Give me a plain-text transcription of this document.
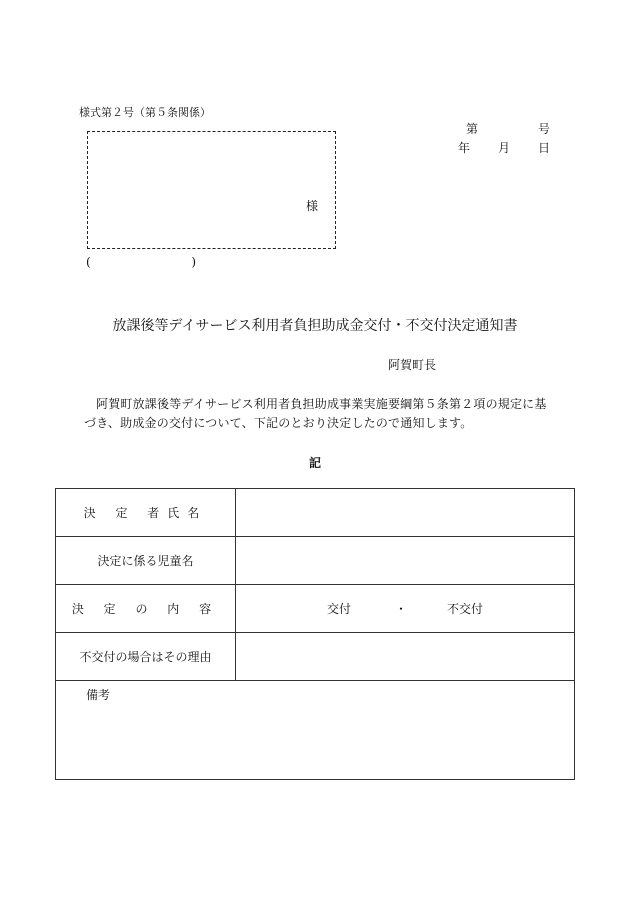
様式第２号（第５条関係）
第	号
年 月 日
様
(	)
放課後等デイサービス利用者負担助成金交付・不交付決定通知書
阿賀町長
阿賀町放課後等デイサービス利用者負担助成事業実施要綱第５条第２項の規定に基づき、助成金の交付について、下記のとおり決定したので通知します。
記
決 定 者氏名
決定に係る児童名
決 定 の 内 容	交付	・	不交付
不交付の場合はその理由
備考
